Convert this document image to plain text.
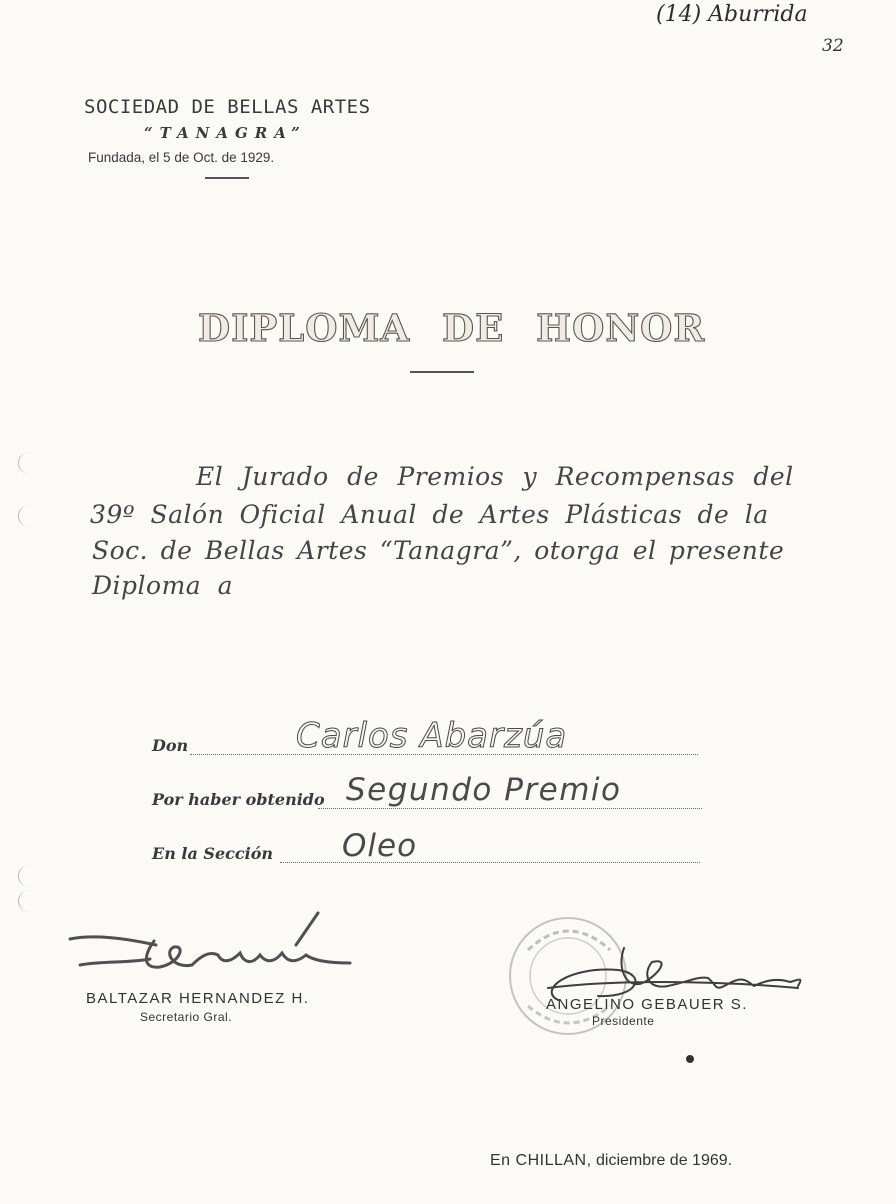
(14) Aburrida
32
SOCIEDAD DE BELLAS ARTES
“TANAGRA”
Fundada, el 5 de Oct. de 1929.
DIPLOMA DE HONOR
El Jurado de Premios y Recompensas del
39º Salón Oficial Anual de Artes Plásticas de la
Soc. de Bellas Artes “Tanagra”, otorga el presente
Diploma a
Don	Carlos Abarzúa
Por haber obtenido Segundo Premio
En la Sección Oleo
BALTAZAR HERNANDEZ H.
Secretario Gral.
ANGELINO GEBAUER S.
Presidente
En CHILLAN, diciembre de 1969.
